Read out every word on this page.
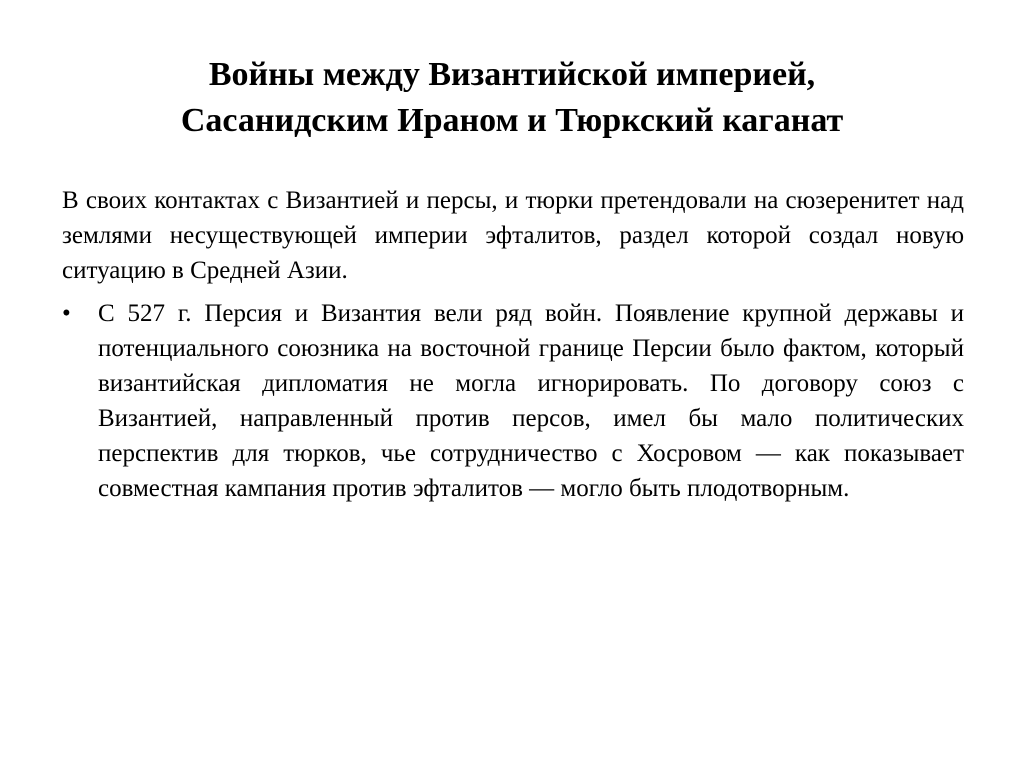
Войны между Византийской империей,
Сасанидским Ираном и Тюркский каганат

В своих контактах с Византией и персы, и тюрки претендовали на сюзеренитет над землями несуществующей империи эфталитов, раздел которой создал новую ситуацию в Средней Азии.

•	С 527 г. Персия и Византия вели ряд войн. Появление крупной державы и потенциального союзника на восточной границе Персии было фактом, который византийская дипломатия не могла игнорировать. По договору союз с Византией, направленный против персов, имел бы мало политических перспектив для тюрков, чье сотрудничество с Хосровом — как показывает совместная кампания против эфталитов — могло быть плодотворным.
